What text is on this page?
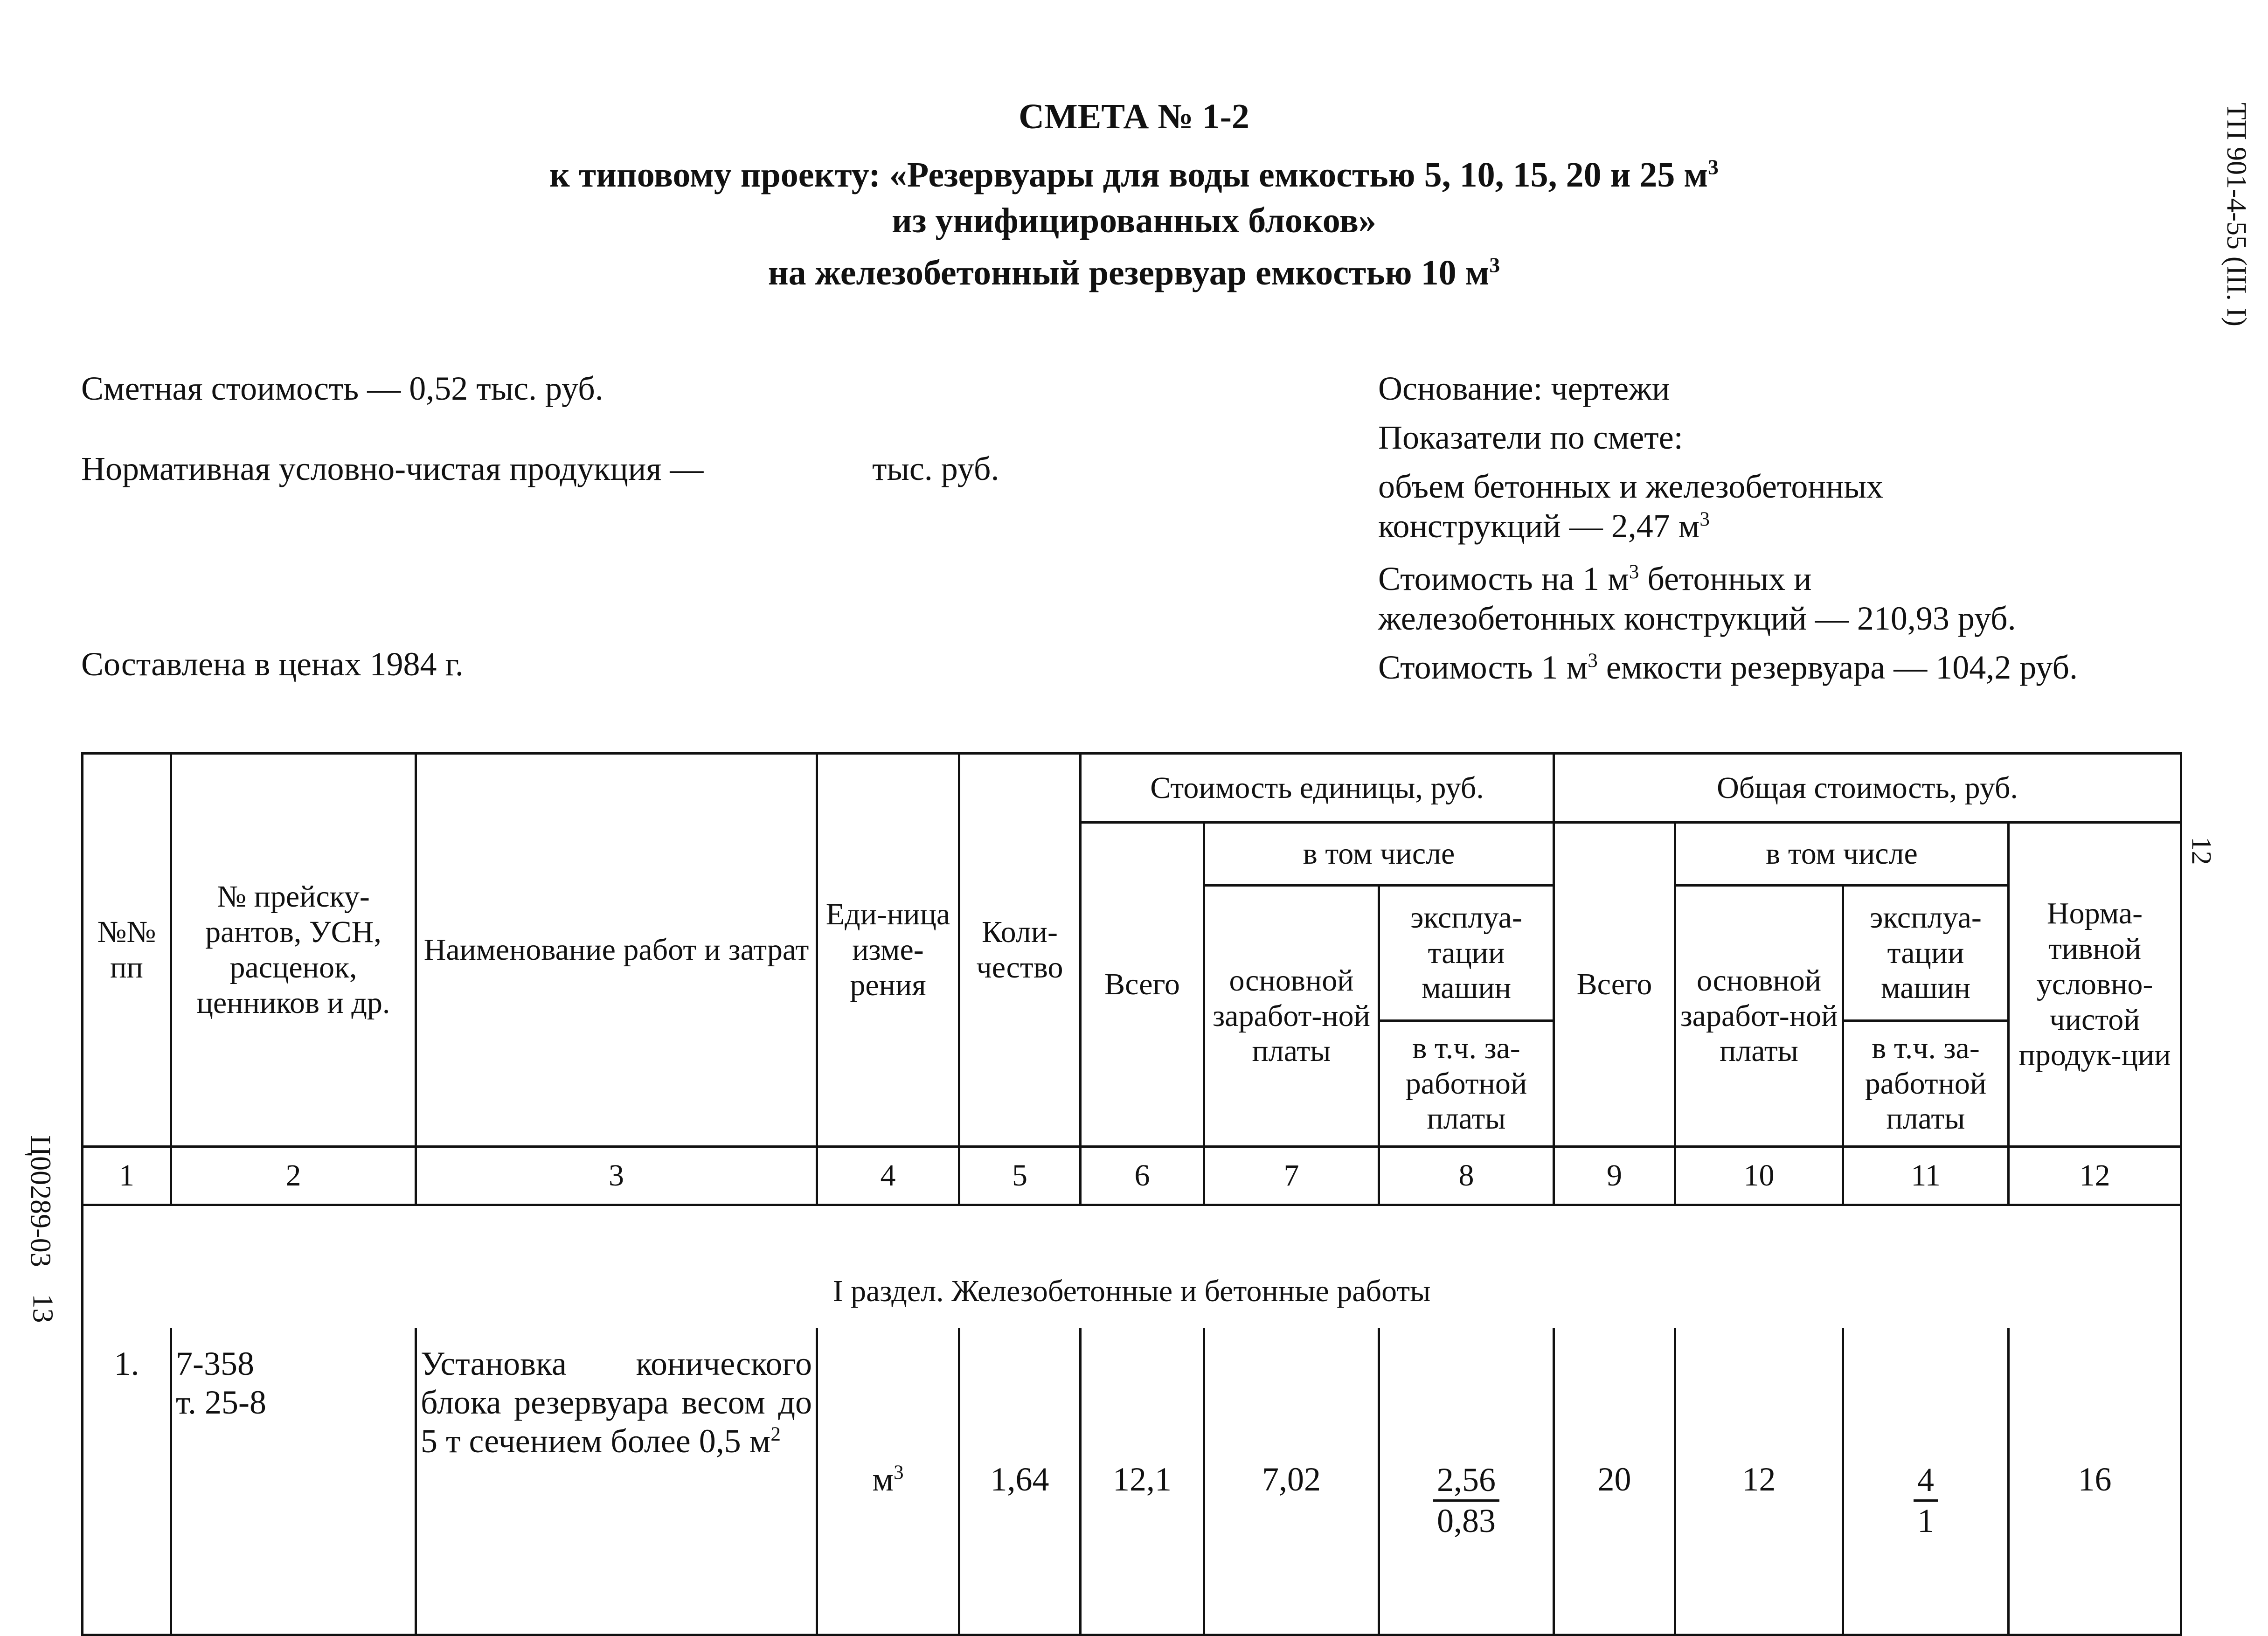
СМЕТА № 1-2
к типовому проекту: «Резервуары для воды емкостью 5, 10, 15, 20 и 25 $м^3$
из унифицированных блоков»
на железобетонный резервуар емкостью 10 $м^3$	ТП 901-4-55 (ІІІ. І)
12
Ц00289-03
13
Сметная стоимость — 0,52 тыс. руб.
Нормативная условно-чистая продукция —	тыс. руб.
Составлена в ценах 1984 г.
Основание: чертежи
Показатели по смете:
объем бетонных и железобетонных
конструкций — 2,47 $м^3$
Стоимость на 1 $м^3$ бетонных и
железобетонных конструкций — 210,93 руб.
Стоимость 1 $м^3$ емкости резервуара — 104,2 руб.
№№ пп	№ прейску-рантов, УСН, расценок, ценников и др.	Наименование работ и затрат	Еди-ница изме-рения	Коли-чество	Стоимость единицы, руб.			Общая стоимость, руб.			
					Всего	в том числе		Всего	в том числе		Норма-тивной условно-чистой продук-ции
						основной заработ-ной платы	эксплуа-тации машин		основной заработ-ной платы	эксплуа-тации машин	
							в т.ч. за-работной платы			в т.ч. за-работной платы	
1	2	3	4	5	6	7	8	9	10	11	12
I раздел. Железобетонные и бетонные работы											
1.	7-358
т. 25-8	Установка конического блока резервуара весом до 5 т сечением более 0,5 $м^2$	$м^3$	1,64	12,1	7,02	$\frac{2,56}{0,83}$	20	12	$\frac{4}{1}$	16
